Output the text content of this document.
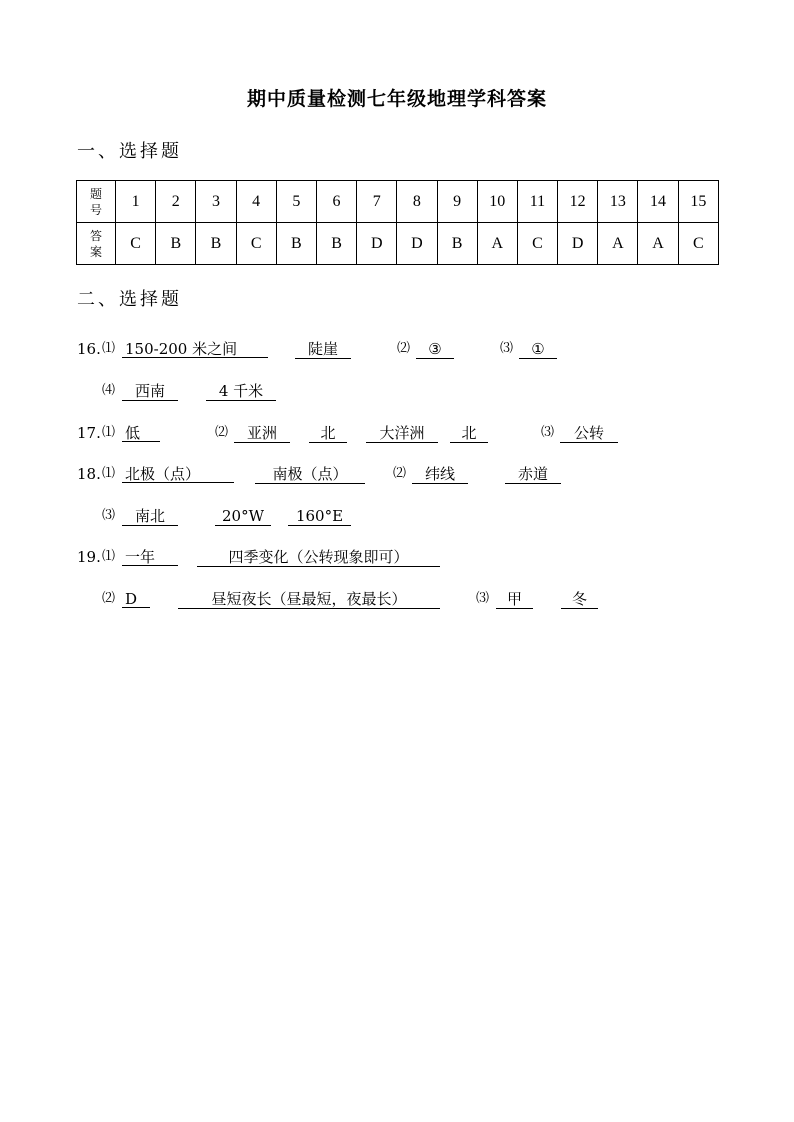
期中质量检测七年级地理学科答案
一、选择题
题
号	1	2	3	4	5	6	7	8	9	10	11	12	13	14	15

答
案	C	B	B	C	B	B	D	D	B	A	C	D	A	A	C
二、选择题
16. ⑴ 150-200 米之间	陡崖	⑵	③	⑶	①
⑷	西南	4 千米
17. ⑴ 低	⑵	亚洲	北	大洋洲	北	⑶	公转
18. ⑴ 北极（点）	南极（点）	⑵	纬线	赤道
⑶	南北	20°W	160°E
19. ⑴ 一年	四季变化（公转现象即可）
⑵ D	昼短夜长（昼最短，夜最长）	⑶	甲	冬
